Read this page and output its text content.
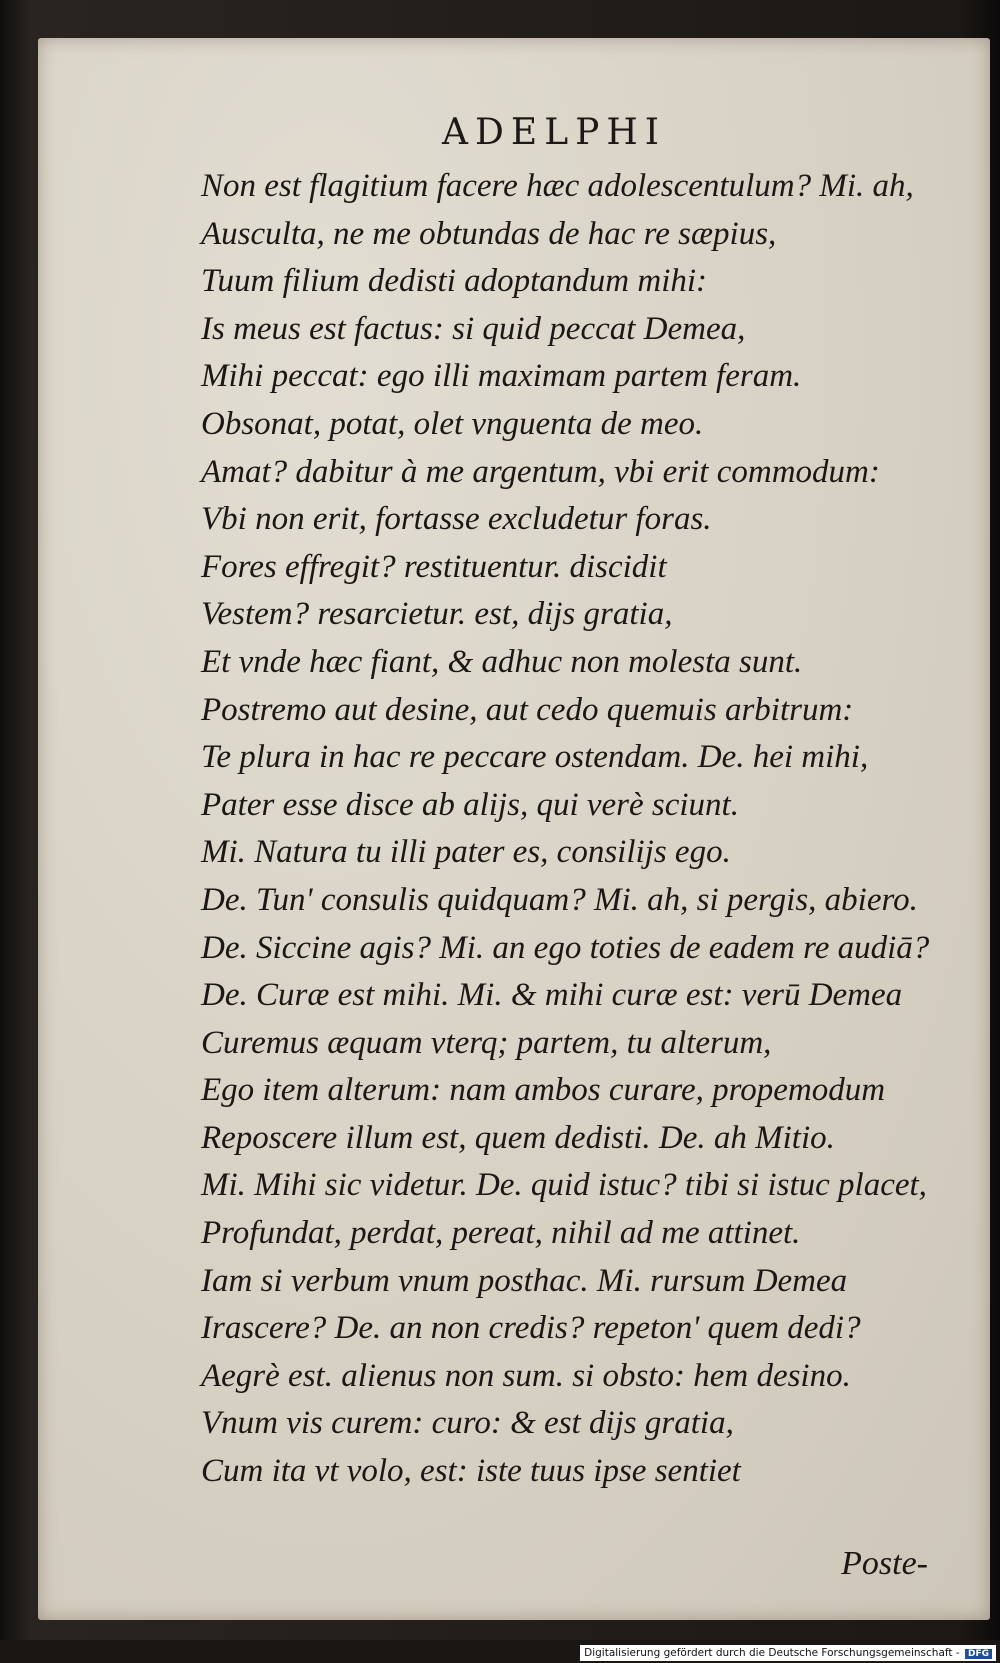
ADELPHI
Non est flagitium facere hæc adolescentulum? Mi. ah,
Ausculta, ne me obtundas de hac re sæpius,
Tuum filium dedisti adoptandum mihi:
Is meus est factus: si quid peccat Demea,
Mihi peccat: ego illi maximam partem feram.
Obsonat, potat, olet vnguenta de meo.
Amat? dabitur à me argentum, vbi erit commodum:
Vbi non erit, fortasse excludetur foras.
Fores effregit? restituentur. discidit
Vestem? resarcietur. est, dijs gratia,
Et vnde hæc fiant, & adhuc non molesta sunt.
Postremo aut desine, aut cedo quemuis arbitrum:
Te plura in hac re peccare ostendam. De. hei mihi,
Pater esse disce ab alijs, qui verè sciunt.
Mi. Natura tu illi pater es, consilijs ego.
De. Tun' consulis quidquam? Mi. ah, si pergis, abiero.
De. Siccine agis? Mi. an ego toties de eadem re audiā?
De. Curæ est mihi. Mi. & mihi curæ est: verū Demea
Curemus æquam vterq; partem, tu alterum,
Ego item alterum: nam ambos curare, propemodum
Reposcere illum est, quem dedisti. De. ah Mitio.
Mi. Mihi sic videtur. De. quid istuc? tibi si istuc placet,
Profundat, perdat, pereat, nihil ad me attinet.
Iam si verbum vnum posthac. Mi. rursum Demea
Irascere? De. an non credis? repeton' quem dedi?
Aegrè est. alienus non sum. si obsto: hem desino.
Vnum vis curem: curo: & est dijs gratia,
Cum ita vt volo, est: iste tuus ipse sentiet
Poste-
Digitalisierung gefördert durch die Deutsche Forschungsgemeinschaft - DFG
